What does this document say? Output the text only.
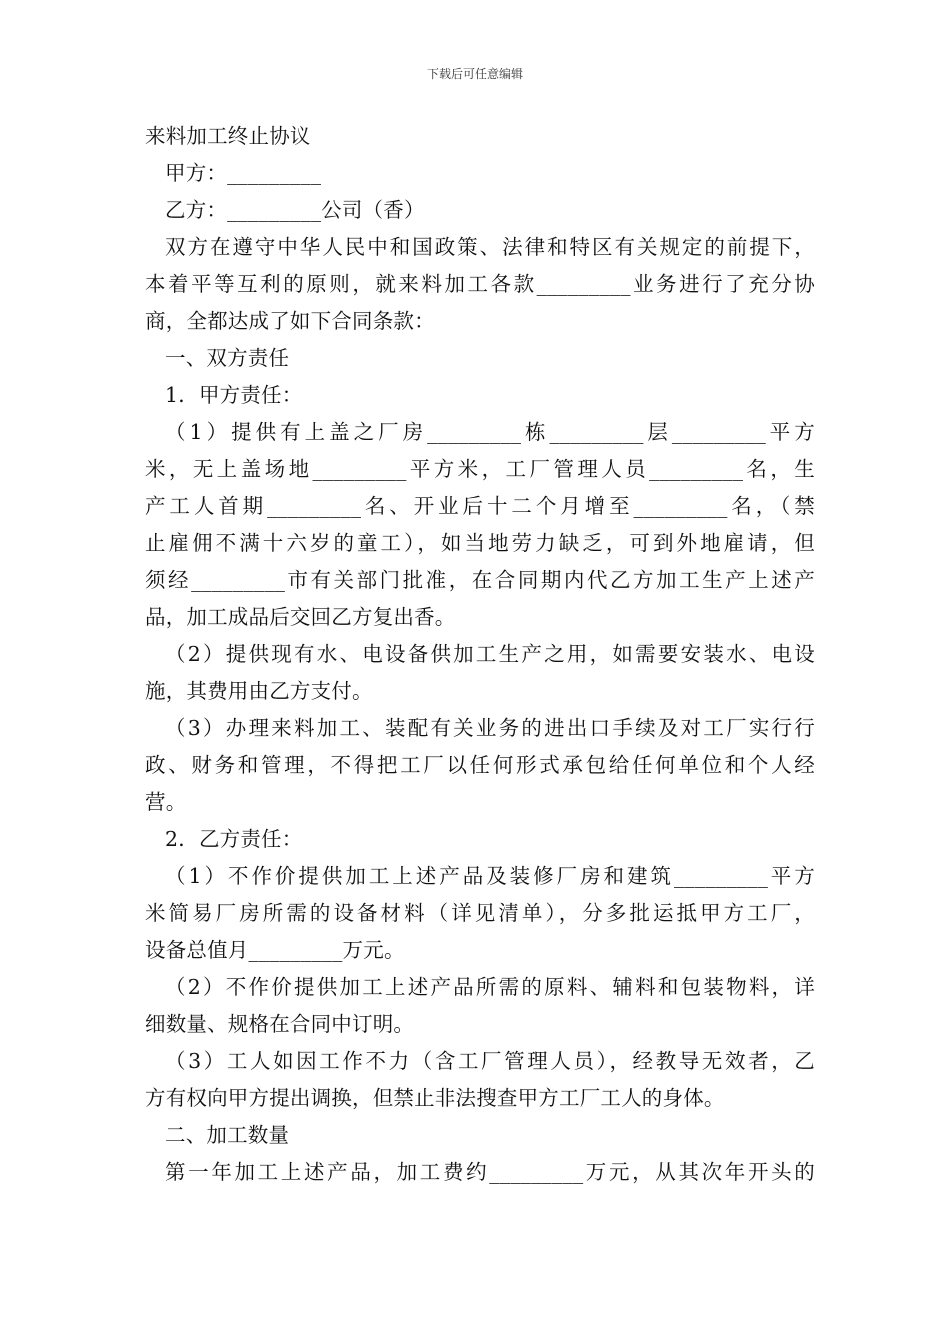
下载后可任意编辑
来料加工终止协议
甲方：_________
乙方：_________公司（香）
双方在遵守中华人民中和国政策、法律和特区有关规定的前提下，
本着平等互利的原则，就来料加工各款_________业务进行了充分协
商，全都达成了如下合同条款：
一、双方责任
1．甲方责任：
（1）提供有上盖之厂房_________栋_________层_________平方
米，无上盖场地_________平方米，工厂管理人员_________名，生
产工人首期_________名、开业后十二个月增至_________名，（禁
止雇佣不满十六岁的童工），如当地劳力缺乏，可到外地雇请，但
须经_________市有关部门批准，在合同期内代乙方加工生产上述产
品，加工成品后交回乙方复出香。
（2）提供现有水、电设备供加工生产之用，如需要安装水、电设
施，其费用由乙方支付。
（3）办理来料加工、装配有关业务的进出口手续及对工厂实行行
政、财务和管理，不得把工厂以任何形式承包给任何单位和个人经
营。
2．乙方责任：
（1）不作价提供加工上述产品及装修厂房和建筑_________平方
米简易厂房所需的设备材料（详见清单），分多批运抵甲方工厂，
设备总值月_________万元。
（2）不作价提供加工上述产品所需的原料、辅料和包装物料，详
细数量、规格在合同中订明。
（3）工人如因工作不力（含工厂管理人员），经教导无效者，乙
方有权向甲方提出调换，但禁止非法搜查甲方工厂工人的身体。
二、加工数量
第一年加工上述产品，加工费约_________万元，从其次年开头的
